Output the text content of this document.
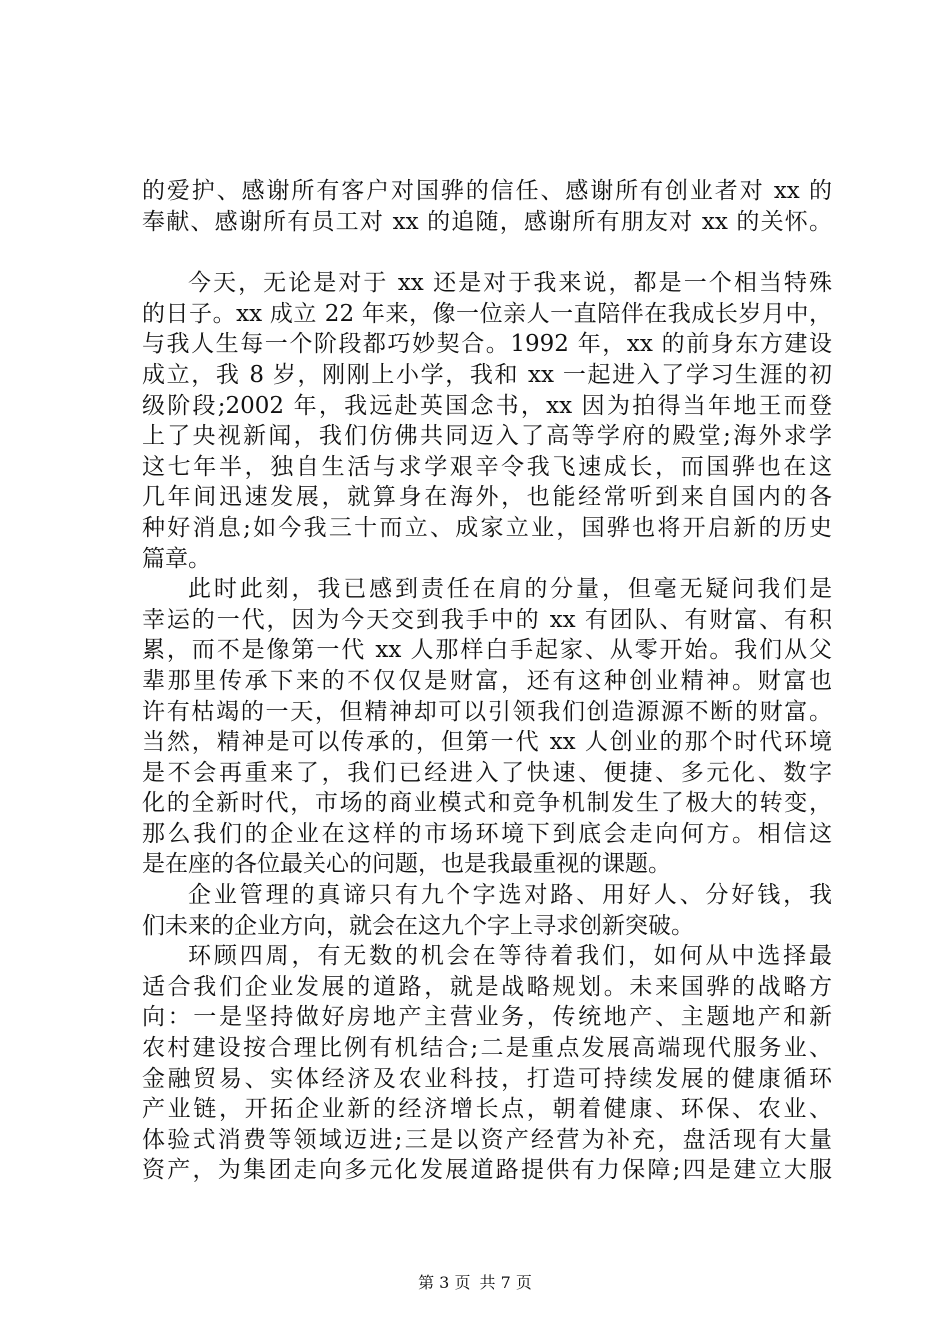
的爱护、感谢所有客户对国骅的信任、感谢所有创业者对 xx 的
奉献、感谢所有员工对 xx 的追随，感谢所有朋友对 xx 的关怀。
今天，无论是对于 xx 还是对于我来说，都是一个相当特殊
的日子。xx 成立 22 年来，像一位亲人一直陪伴在我成长岁月中，
与我人生每一个阶段都巧妙契合。1992 年，xx 的前身东方建设
成立，我 8 岁，刚刚上小学，我和 xx 一起进入了学习生涯的初
级阶段;2002 年，我远赴英国念书，xx 因为拍得当年地王而登
上了央视新闻，我们仿佛共同迈入了高等学府的殿堂;海外求学
这七年半，独自生活与求学艰辛令我飞速成长，而国骅也在这
几年间迅速发展，就算身在海外，也能经常听到来自国内的各
种好消息;如今我三十而立、成家立业，国骅也将开启新的历史
篇章。
此时此刻，我已感到责任在肩的分量，但毫无疑问我们是
幸运的一代，因为今天交到我手中的 xx 有团队、有财富、有积
累，而不是像第一代 xx 人那样白手起家、从零开始。我们从父
辈那里传承下来的不仅仅是财富，还有这种创业精神。财富也
许有枯竭的一天，但精神却可以引领我们创造源源不断的财富。
当然，精神是可以传承的，但第一代 xx 人创业的那个时代环境
是不会再重来了，我们已经进入了快速、便捷、多元化、数字
化的全新时代，市场的商业模式和竞争机制发生了极大的转变，
那么我们的企业在这样的市场环境下到底会走向何方。相信这
是在座的各位最关心的问题，也是我最重视的课题。
企业管理的真谛只有九个字选对路、用好人、分好钱，我
们未来的企业方向，就会在这九个字上寻求创新突破。
环顾四周，有无数的机会在等待着我们，如何从中选择最
适合我们企业发展的道路，就是战略规划。未来国骅的战略方
向：一是坚持做好房地产主营业务，传统地产、主题地产和新
农村建设按合理比例有机结合;二是重点发展高端现代服务业、
金融贸易、实体经济及农业科技，打造可持续发展的健康循环
产业链，开拓企业新的经济增长点，朝着健康、环保、农业、
体验式消费等领域迈进;三是以资产经营为补充，盘活现有大量
资产，为集团走向多元化发展道路提供有力保障;四是建立大服
第 3 页 共 7 页
